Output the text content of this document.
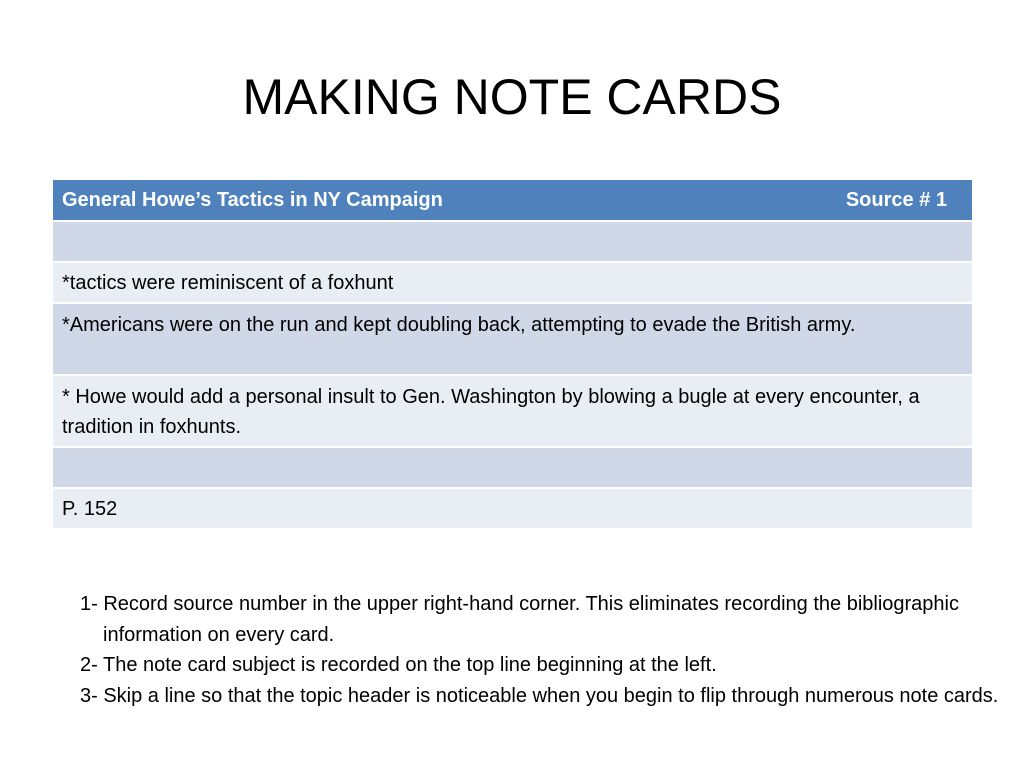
MAKING NOTE CARDS
General Howe’s Tactics in NY Campaign	Source # 1
*tactics were reminiscent of a foxhunt
*Americans were on the run and kept doubling back, attempting to evade the British army.
* Howe would add a personal insult to Gen. Washington by blowing a bugle at every encounter, a tradition in foxhunts.
P. 152
1- Record source number in the upper right-hand corner. This eliminates recording the bibliographic information on every card.
2- The note card subject is recorded on the top line beginning at the left.
3- Skip a line so that the topic header is noticeable when you begin to flip through numerous note cards.
